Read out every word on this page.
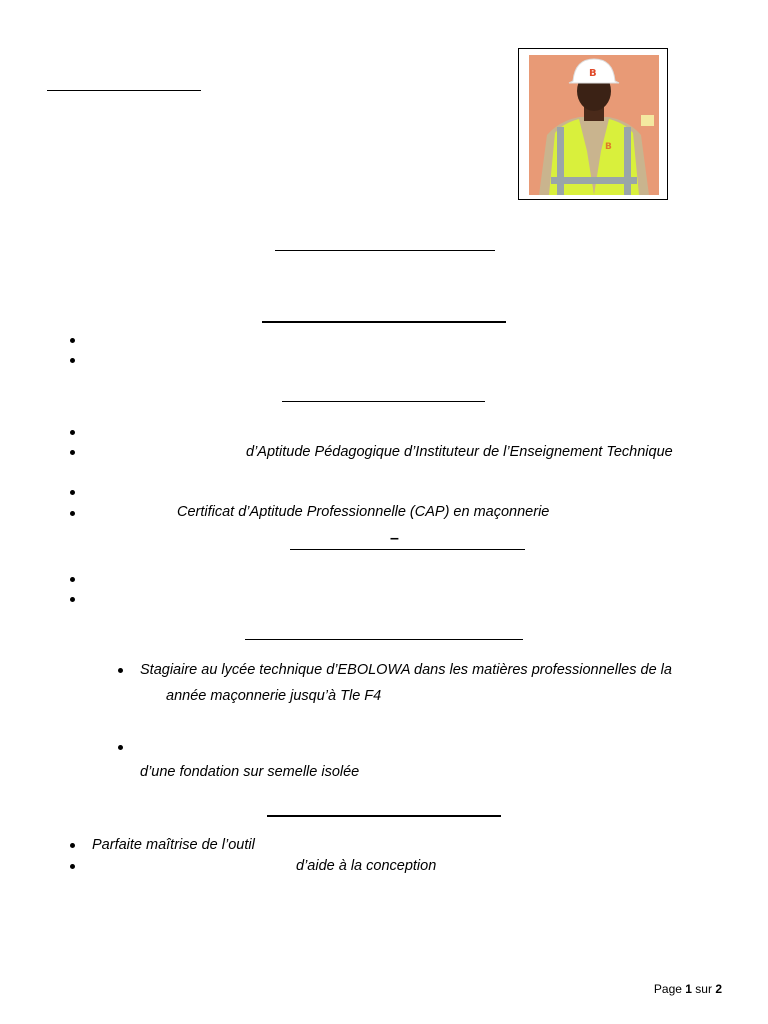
B
B
d’Aptitude Pédagogique d’Instituteur de l’Enseignement Technique
Certificat d’Aptitude Professionnelle (CAP) en maçonnerie
–
Stagiaire au lycée technique d’EBOLOWA dans les matières professionnelles de la
année maçonnerie jusqu’à Tle F4
d’une fondation sur semelle isolée
Parfaite maîtrise de l’outil
d’aide à la conception
Page 1 sur 2
